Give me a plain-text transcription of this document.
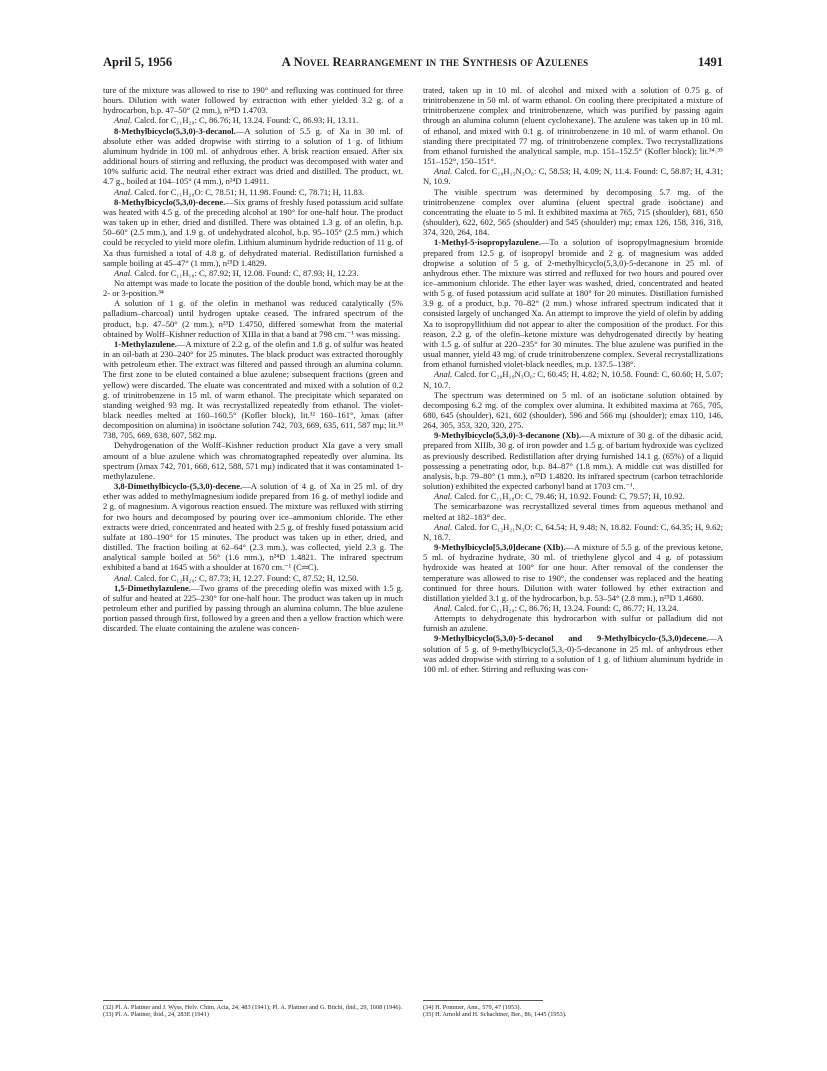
April 5, 1956	A Novel Rearrangement in the Synthesis of Azulenes	1491

ture of the mixture was allowed to rise to 190° and refluxing was continued for three hours. Dilution with water followed by extraction with ether yielded 3.2 g. of a hydrocarbon, b.p. 47–50° (2 mm.), n²⁴D 1.4703.

Anal. Calcd. for C₁₁H₂₀: C, 86.76; H, 13.24. Found: C, 86.93; H, 13.11.

8-Methylbicyclo(5,3,0)-3-decanol.—A solution of 5.5 g. of Xa in 30 ml. of absolute ether was added dropwise with stirring to a solution of 1 g. of lithium aluminum hydride in 100 ml. of anhydrous ether. A brisk reaction ensued. After six additional hours of stirring and refluxing, the product was decomposed with water and 10% sulfuric acid. The neutral ether extract was dried and distilled. The product, wt. 4.7 g., boiled at 104–105° (4 mm.), n²⁴D 1.4911.

Anal. Calcd. for C₁₁H₂₀O: C, 78.51; H, 11.98. Found: C, 78.71; H, 11.83.

8-Methylbicyclo(5,3,0)-decene.—Six grams of freshly fused potassium acid sulfate was heated with 4.5 g. of the preceding alcohol at 190° for one-half hour. The product was taken up in ether, dried and distilled. There was obtained 1.3 g. of an olefin, b.p. 50–60° (2.5 mm.), and 1.9 g. of undehydrated alcohol, b.p. 95–105° (2.5 mm.) which could be recycled to yield more olefin. Lithium aluminum hydride reduction of 11 g. of Xa thus furnished a total of 4.8 g. of dehydrated material. Redistillation furnished a sample boiling at 45–47° (1 mm.), n²⁵D 1.4829.

Anal. Calcd. for C₁₁H₁₈: C, 87.92; H, 12.08. Found: C, 87.93; H, 12.23.

No attempt was made to locate the position of the double bond, which may be at the 2- or 3-position.³⁴

A solution of 1 g. of the olefin in methanol was reduced catalytically (5% palladium–charcoal) until hydrogen uptake ceased. The infrared spectrum of the product, b.p. 47–50° (2 mm.), n²³D 1.4750, differed somewhat from the material obtained by Wolff–Kishner reduction of XIIIa in that a band at 798 cm.⁻¹ was missing.

1-Methylazulene.—A mixture of 2.2 g. of the olefin and 1.8 g. of sulfur was heated in an oil-bath at 230–240° for 25 minutes. The black product was extracted thoroughly with petroleum ether. The extract was filtered and passed through an alumina column. The first zone to be eluted contained a blue azulene; subsequent fractions (green and yellow) were discarded. The eluate was concentrated and mixed with a solution of 0.2 g. of trinitrobenzene in 15 ml. of warm ethanol. The precipitate which separated on standing weighed 93 mg. It was recrystallized repeatedly from ethanol. The violet-black needles melted at 160–160.5° (Kofler block), lit.³² 160–161°, λmax (after decomposition on alumina) in isoöctane solution 742, 703, 669, 635, 611, 587 mμ; lit.³³ 738, 705, 669, 638, 607, 582 mμ.

Dehydrogenation of the Wolff–Kishner reduction product XIa gave a very small amount of a blue azulene which was chromatographed repeatedly over alumina. Its spectrum (λmax 742, 701, 668, 612, 588, 571 mμ) indicated that it was contaminated 1-methylazulene.

3,8-Dimethylbicyclo-(5,3,0)-decene.—A solution of 4 g. of Xa in 25 ml. of dry ether was added to methylmagnesium iodide prepared from 16 g. of methyl iodide and 2 g. of magnesium. A vigorous reaction ensued. The mixture was refluxed with stirring for two hours and decomposed by pouring over ice–ammonium chloride. The ether extracts were dried, concentrated and heated with 2.5 g. of freshly fused potassium acid sulfate at 180–190° for 15 minutes. The product was taken up in ether, dried, and distilled. The fraction boiling at 62–64° (2.3 mm.), was collected, yield 2.3 g. The analytical sample boiled at 56° (1.6 mm.), n²⁴D 1.4821. The infrared spectrum exhibited a band at 1645 with a shoulder at 1670 cm.⁻¹ (C═C).

Anal. Calcd. for C₁₂H₂₀: C, 87.73; H, 12.27. Found: C, 87.52; H, 12.50.

1,5-Dimethylazulene.—Two grams of the preceding olefin was mixed with 1.5 g. of sulfur and heated at 225–230° for one-half hour. The product was taken up in much petroleum ether and purified by passing through an alumina column. The blue azulene portion passed through first, followed by a green and then a yellow fraction which were discarded. The eluate containing the azulene was concen-

trated, taken up in 10 ml. of alcohol and mixed with a solution of 0.75 g. of trinitrobenzene in 50 ml. of warm ethanol. On cooling there precipitated a mixture of trinitrobenzene complex and trinitrobenzene, which was purified by passing again through an alumina column (eluent cyclohexane). The azulene was taken up in 10 ml. of ethanol, and mixed with 0.1 g. of trinitrobenzene in 10 ml. of warm ethanol. On standing there precipitated 77 mg. of trinitrobenzene complex. Two recrystallizations from ethanol furnished the analytical sample, m.p. 151–152.5° (Kofler block); lit.³⁴˒³⁵ 151–152°, 150–151°.

Anal. Calcd. for C₁₈H₁₅N₃O₆: C, 58.53; H, 4.09; N, 11.4. Found: C, 58.87; H, 4.31; N, 10.9.

The visible spectrum was determined by decomposing 5.7 mg. of the trinitrobenzene complex over alumina (eluent spectral grade isoöctane) and concentrating the eluate to 5 ml. It exhibited maxima at 765, 715 (shoulder), 681, 650 (shoulder), 622, 602, 565 (shoulder) and 545 (shoulder) mμ; εmax 126, 158, 316, 318, 374, 320, 264, 184.

1-Methyl-5-isopropylazulene.—To a solution of isopropylmagnesium bromide prepared from 12.5 g. of isopropyl bromide and 2 g. of magnesium was added dropwise a solution of 5 g. of 2-methylbicyclo(5,3,0)-5-decanone in 25 ml. of anhydrous ether. The mixture was stirred and refluxed for two hours and poured over ice–ammonium chloride. The ether layer was washed, dried, concentrated and heated with 5 g. of fused potassium acid sulfate at 180° for 20 minutes. Distillation furnished 3.9 g. of a product, b.p. 70–82° (2 mm.) whose infrared spectrum indicated that it consisted largely of unchanged Xa. An attempt to improve the yield of olefin by adding Xa to isopropyllithium did not appear to alter the composition of the product. For this reason, 2.2 g. of the olefin–ketone mixture was dehydrogenated directly by heating with 1.5 g. of sulfur at 220–235° for 30 minutes. The blue azulene was purified in the usual manner, yield 43 mg. of crude trinitrobenzene complex. Several recrystallizations from ethanol furnished violet-black needles, m.p. 137.5–138°.

Anal. Calcd. for C₂₀H₁₉N₃O₆: C, 60.45; H, 4.82; N, 10.58. Found: C, 60.60; H, 5.07; N, 10.7.

The spectrum was determined on 5 ml. of an isoöctane solution obtained by decomposing 6.2 mg. of the complex over alumina. It exhibited maxima at 765, 705, 680, 645 (shoulder), 621, 602 (shoulder), 596 and 566 mμ (shoulder); εmax 110, 146, 264, 305, 353, 320, 320, 275.

9-Methylbicyclo(5,3,0)-3-decanone (Xb).—A mixture of 30 g. of the dibasic acid, prepared from XIIIb, 30 g. of iron powder and 1.5 g. of barium hydroxide was cyclized as previously described. Redistillation after drying furnished 14.1 g. (65%) of a liquid possessing a penetrating odor, b.p. 84–87° (1.8 mm.). A middle cut was distilled for analysis, b.p. 79–80° (1 mm.), n²⁵D 1.4820. Its infrared spectrum (carbon tetrachloride solution) exhibited the expected carbonyl band at 1703 cm.⁻¹.

Anal. Calcd. for C₁₁H₁₈O: C, 79.46; H, 10.92. Found: C, 79.57; H, 10.92.

The semicarbazone was recrystallized several times from aqueous methanol and melted at 182–183° dec.

Anal. Calcd. for C₁₂H₂₁N₃O: C, 64.54; H, 9.48; N, 18.82. Found: C, 64.35; H, 9.62; N, 18.7.

9-Methylbicyclo[5,3,0]decane (XIb).—A mixture of 5.5 g. of the previous ketone, 5 ml. of hydrazine hydrate, 30 ml. of triethylene glycol and 4 g. of potassium hydroxide was heated at 100° for one hour. After removal of the condenser the temperature was allowed to rise to 190°, the condenser was replaced and the heating continued for three hours. Dilution with water followed by ether extraction and distillation yielded 3.1 g. of the hydrocarbon, b.p. 53–54° (2.8 mm.), n²⁵D 1.4680.

Anal. Calcd. for C₁₁H₂₀: C, 86.76; H, 13.24. Found: C, 86.77; H, 13.24.

Attempts to dehydrogenate this hydrocarbon with sulfur or palladium did not furnish an azulene.

9-Methylbicyclo(5,3,0)-5-decanol and 9-Methylbicyclo-(5,3,0)decene.—A solution of 5 g. of 9-methylbicyclo(5,3,-0)-5-decanone in 25 ml. of anhydrous ether was added dropwise with stirring to a solution of 1 g. of lithium aluminum hydride in 100 ml. of ether. Stirring and refluxing was con-

(32) Pl. A. Plattner and J. Wyss, Helv. Chim. Acta, 24, 483 (1941); Pl. A. Plattner and G. Büchi, ibid., 29, 1608 (1946).

(33) Pl. A. Plattner, ibid., 24, 283E (1941)

(34) H. Pommer, Ann., 579, 47 (1953).

(35) H. Arnold and H. Schachtner, Ber., 86, 1445 (1953).
